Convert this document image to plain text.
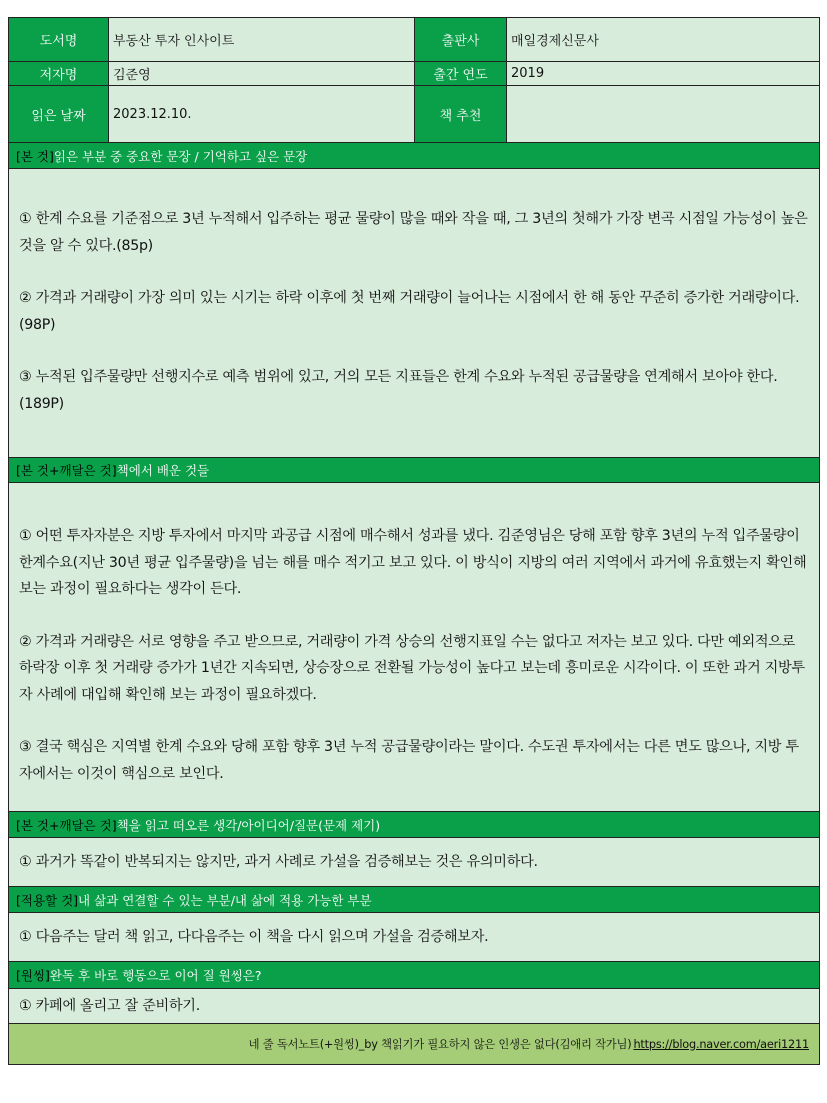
도서명	부동산 투자 인사이트	출판사	매일경제신문사
저자명	김준영	출간 연도	2019
읽은 날짜	2023.12.10.	책 추천
[본 것] 읽은 부분 중 중요한 문장 / 기억하고 싶은 문장

① 한계 수요를 기준점으로 3년 누적해서 입주하는 평균 물량이 많을 때와 작을 때, 그 3년의 첫해가 가장 변곡 시점일 가능성이 높은 것을 알 수 있다.(85p)

② 가격과 거래량이 가장 의미 있는 시기는 하락 이후에 첫 번째 거래량이 늘어나는 시점에서 한 해 동안 꾸준히 증가한 거래량이다.(98P)

③ 누적된 입주물량만 선행지수로 예측 범위에 있고, 거의 모든 지표들은 한계 수요와 누적된 공급물량을 연계해서 보아야 한다.(189P)

[본 것+깨달은 것] 책에서 배운 것들

① 어떤 투자자분은 지방 투자에서 마지막 과공급 시점에 매수해서 성과를 냈다. 김준영님은 당해 포함 향후 3년의 누적 입주물량이 한계수요(지난 30년 평균 입주물량)을 넘는 해를 매수 적기고 보고 있다. 이 방식이 지방의 여러 지역에서 과거에 유효했는지 확인해 보는 과정이 필요하다는 생각이 든다.

② 가격과 거래량은 서로 영향을 주고 받으므로, 거래량이 가격 상승의 선행지표일 수는 없다고 저자는 보고 있다. 다만 예외적으로 하락장 이후 첫 거래량 증가가 1년간 지속되면, 상승장으로 전환될 가능성이 높다고 보는데 흥미로운 시각이다. 이 또한 과거 지방투자 사례에 대입해 확인해 보는 과정이 필요하겠다.

③ 결국 핵심은 지역별 한계 수요와 당해 포함 향후 3년 누적 공급물량이라는 말이다. 수도권 투자에서는 다른 면도 많으나, 지방 투자에서는 이것이 핵심으로 보인다.

[본 것+깨달은 것] 책을 읽고 떠오른 생각/아이디어/질문(문제 제기)

① 과거가 똑같이 반복되지는 않지만, 과거 사례로 가설을 검증해보는 것은 유의미하다.

[적용할 것] 내 삶과 연결할 수 있는 부분/내 삶에 적용 가능한 부분

① 다음주는 달러 책 읽고, 다다음주는 이 책을 다시 읽으며 가설을 검증해보자.

[원씽] 완독 후 바로 행동으로 이어 질 원씽은?

① 카페에 올리고 잘 준비하기.

네 줄 독서노트(+원씽)_by 책읽기가 필요하지 않은 인생은 없다(김애리 작가님) https://blog.naver.com/aeri1211
